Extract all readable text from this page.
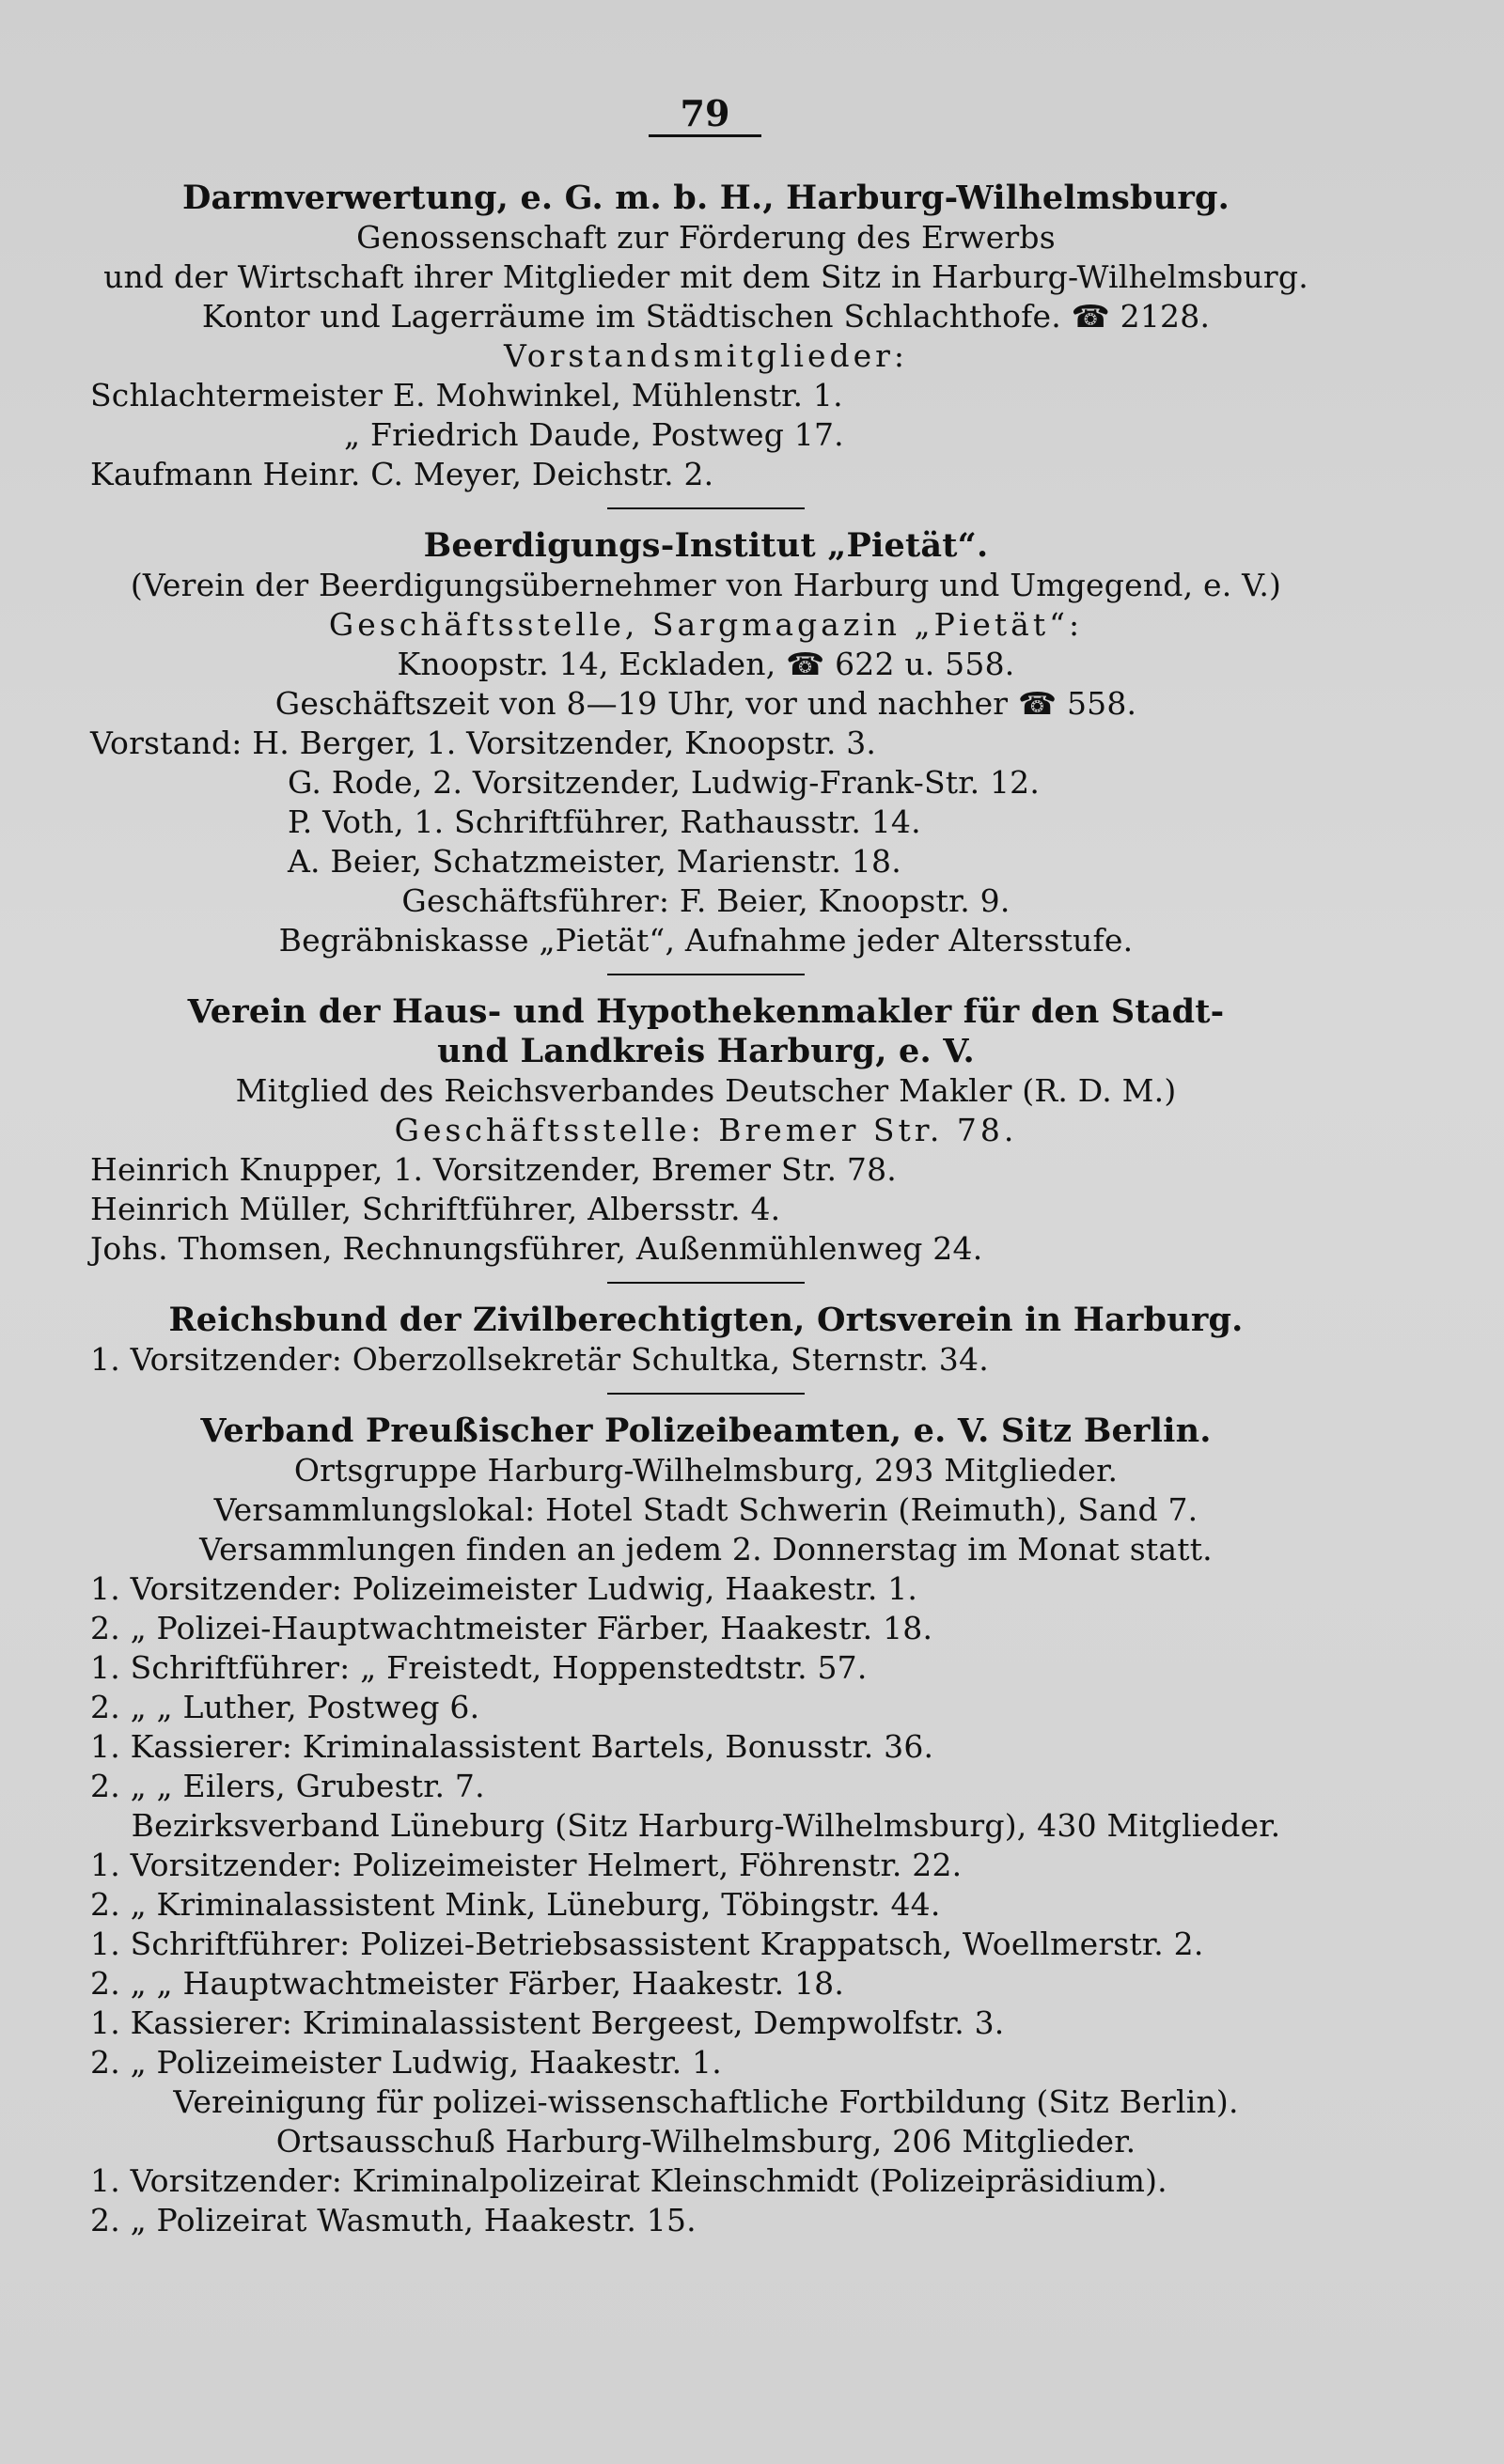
79
Darmverwertung, e. G. m. b. H., Harburg-Wilhelmsburg.
Genossenschaft zur Förderung des Erwerbs
und der Wirtschaft ihrer Mitglieder mit dem Sitz in Harburg-Wilhelmsburg.
Kontor und Lagerräume im Städtischen Schlachthofe. ☎ 2128.
Vorstandsmitglieder:
Schlachtermeister E. Mohwinkel, Mühlenstr. 1.
„ Friedrich Daude, Postweg 17.
Kaufmann Heinr. C. Meyer, Deichstr. 2.
Beerdigungs-Institut „Pietät“.
(Verein der Beerdigungsübernehmer von Harburg und Umgegend, e. V.)
Geschäftsstelle, Sargmagazin „Pietät“:
Knoopstr. 14, Eckladen, ☎ 622 u. 558.
Geschäftszeit von 8—19 Uhr, vor und nachher ☎ 558.
Vorstand: H. Berger, 1. Vorsitzender, Knoopstr. 3.
G. Rode, 2. Vorsitzender, Ludwig-Frank-Str. 12.
P. Voth, 1. Schriftführer, Rathausstr. 14.
A. Beier, Schatzmeister, Marienstr. 18.
Geschäftsführer: F. Beier, Knoopstr. 9.
Begräbniskasse „Pietät“, Aufnahme jeder Altersstufe.
Verein der Haus- und Hypothekenmakler für den Stadt-
und Landkreis Harburg, e. V.
Mitglied des Reichsverbandes Deutscher Makler (R. D. M.)
Geschäftsstelle: Bremer Str. 78.
Heinrich Knupper, 1. Vorsitzender, Bremer Str. 78.
Heinrich Müller, Schriftführer, Albersstr. 4.
Johs. Thomsen, Rechnungsführer, Außenmühlenweg 24.
Reichsbund der Zivilberechtigten, Ortsverein in Harburg.
1. Vorsitzender: Oberzollsekretär Schultka, Sternstr. 34.
Verband Preußischer Polizeibeamten, e. V. Sitz Berlin.
Ortsgruppe Harburg-Wilhelmsburg, 293 Mitglieder.
Versammlungslokal: Hotel Stadt Schwerin (Reimuth), Sand 7.
Versammlungen finden an jedem 2. Donnerstag im Monat statt.
1. Vorsitzender: Polizeimeister Ludwig, Haakestr. 1.
2. „ Polizei-Hauptwachtmeister Färber, Haakestr. 18.
1. Schriftführer: „ Freistedt, Hoppenstedtstr. 57.
2. „ „ Luther, Postweg 6.
1. Kassierer: Kriminalassistent Bartels, Bonusstr. 36.
2. „ „ Eilers, Grubestr. 7.
Bezirksverband Lüneburg (Sitz Harburg-Wilhelmsburg), 430 Mitglieder.
1. Vorsitzender: Polizeimeister Helmert, Föhrenstr. 22.
2. „ Kriminalassistent Mink, Lüneburg, Töbingstr. 44.
1. Schriftführer: Polizei-Betriebsassistent Krappatsch, Woellmerstr. 2.
2. „ „ Hauptwachtmeister Färber, Haakestr. 18.
1. Kassierer: Kriminalassistent Bergeest, Dempwolfstr. 3.
2. „ Polizeimeister Ludwig, Haakestr. 1.
Vereinigung für polizei-wissenschaftliche Fortbildung (Sitz Berlin).
Ortsausschuß Harburg-Wilhelmsburg, 206 Mitglieder.
1. Vorsitzender: Kriminalpolizeirat Kleinschmidt (Polizeipräsidium).
2. „ Polizeirat Wasmuth, Haakestr. 15.
